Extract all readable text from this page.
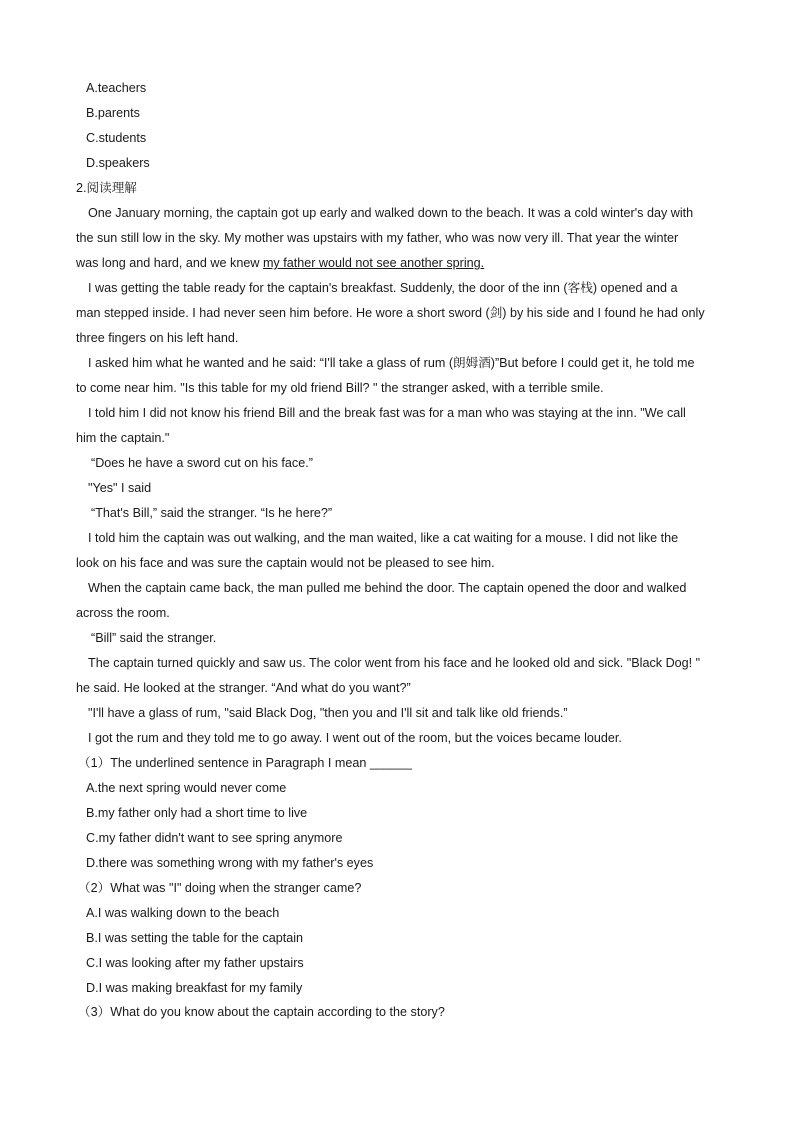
A.teachers
B.parents
C.students
D.speakers
2.阅读理解
One January morning, the captain got up early and walked down to the beach. It was a cold winter's day with
the sun still low in the sky. My mother was upstairs with my father, who was now very ill. That year the winter
was long and hard, and we knew my father would not see another spring.
I was getting the table ready for the captain's breakfast. Suddenly, the door of the inn (客栈) opened and a
man stepped inside. I had never seen him before. He wore a short sword (剑) by his side and I found he had only
three fingers on his left hand.
I asked him what he wanted and he said: “I'll take a glass of rum (朗姆酒)”But before I could get it, he told me
to come near him. "Is this table for my old friend Bill? " the stranger asked, with a terrible smile.
I told him I did not know his friend Bill and the break fast was for a man who was staying at the inn. "We call
him the captain."
“Does he have a sword cut on his face.”
"Yes" I said
“That's Bill,” said the stranger. “Is he here?”
I told him the captain was out walking, and the man waited, like a cat waiting for a mouse. I did not like the
look on his face and was sure the captain would not be pleased to see him.
When the captain came back, the man pulled me behind the door. The captain opened the door and walked
across the room.
“Bill” said the stranger.
The captain turned quickly and saw us. The color went from his face and he looked old and sick. "Black Dog! "
he said. He looked at the stranger. “And what do you want?”
"I'll have a glass of rum, "said Black Dog, "then you and I'll sit and talk like old friends.”
I got the rum and they told me to go away. I went out of the room, but the voices became louder.
（1）The underlined sentence in Paragraph I mean ______
A.the next spring would never come
B.my father only had a short time to live
C.my father didn't want to see spring anymore
D.there was something wrong with my father's eyes
（2）What was "I" doing when the stranger came?
A.I was walking down to the beach
B.I was setting the table for the captain
C.I was looking after my father upstairs
D.I was making breakfast for my family
（3）What do you know about the captain according to the story?
